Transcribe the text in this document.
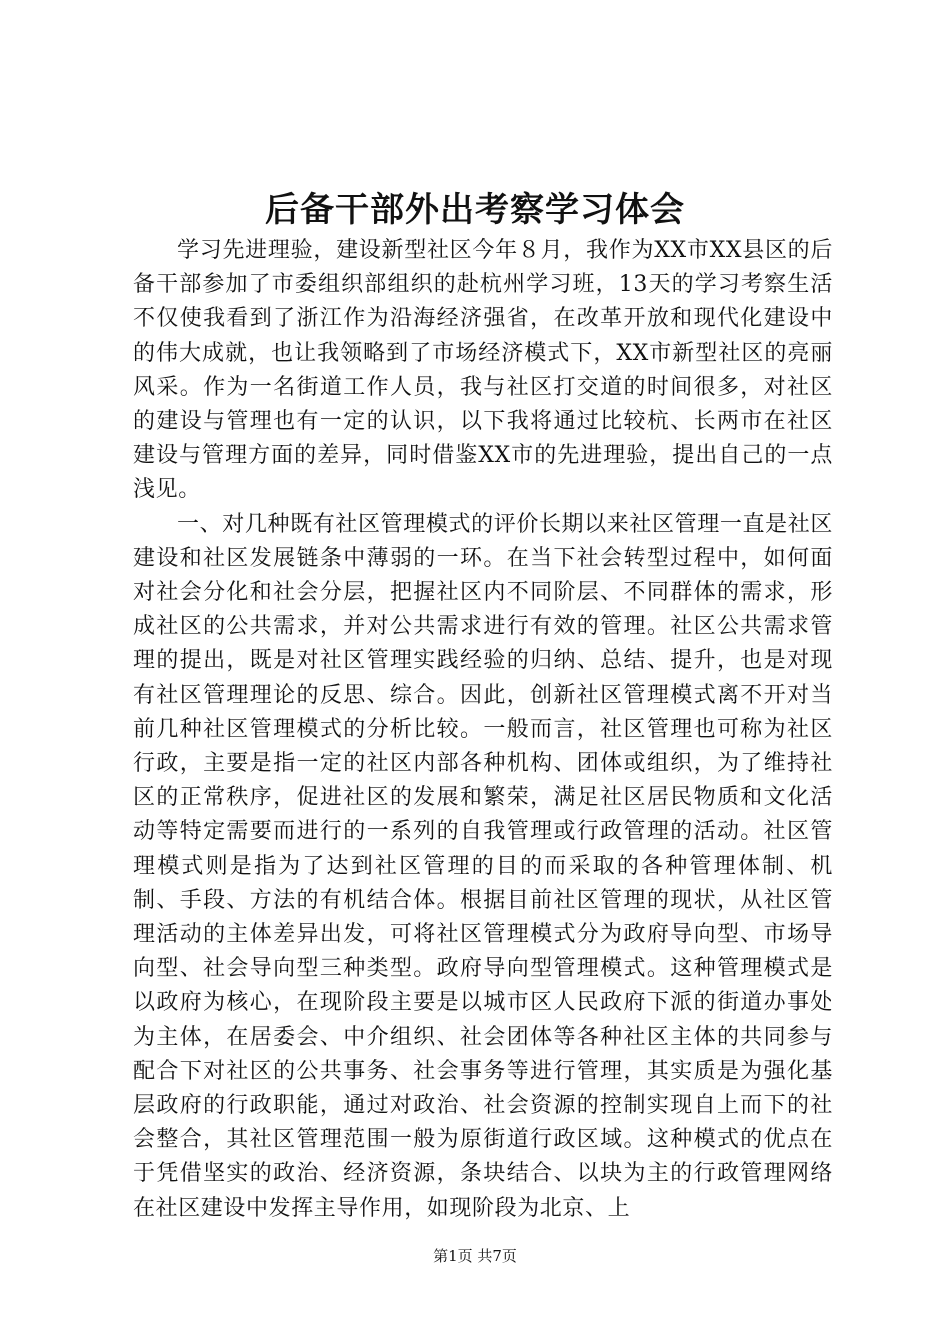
后备干部外出考察学习体会

学习先进理验，建设新型社区今年８月，我作为XX市XX县区的后备干部参加了市委组织部组织的赴杭州学习班，13天的学习考察生活不仅使我看到了浙江作为沿海经济强省，在改革开放和现代化建设中的伟大成就，也让我领略到了市场经济模式下，XX市新型社区的亮丽风采。作为一名街道工作人员，我与社区打交道的时间很多，对社区的建设与管理也有一定的认识，以下我将通过比较杭、长两市在社区建设与管理方面的差异，同时借鉴XX市的先进理验，提出自己的一点浅见。

一、对几种既有社区管理模式的评价长期以来社区管理一直是社区建设和社区发展链条中薄弱的一环。在当下社会转型过程中，如何面对社会分化和社会分层，把握社区内不同阶层、不同群体的需求，形成社区的公共需求，并对公共需求进行有效的管理。社区公共需求管理的提出，既是对社区管理实践经验的归纳、总结、提升，也是对现有社区管理理论的反思、综合。因此，创新社区管理模式离不开对当前几种社区管理模式的分析比较。一般而言，社区管理也可称为社区行政，主要是指一定的社区内部各种机构、团体或组织，为了维持社区的正常秩序，促进社区的发展和繁荣，满足社区居民物质和文化活动等特定需要而进行的一系列的自我管理或行政管理的活动。社区管理模式则是指为了达到社区管理的目的而采取的各种管理体制、机制、手段、方法的有机结合体。根据目前社区管理的现状，从社区管理活动的主体差异出发，可将社区管理模式分为政府导向型、市场导向型、社会导向型三种类型。政府导向型管理模式。这种管理模式是以政府为核心，在现阶段主要是以城市区人民政府下派的街道办事处为主体，在居委会、中介组织、社会团体等各种社区主体的共同参与配合下对社区的公共事务、社会事务等进行管理，其实质是为强化基层政府的行政职能，通过对政治、社会资源的控制实现自上而下的社会整合，其社区管理范围一般为原街道行政区域。这种模式的优点在于凭借坚实的政治、经济资源，条块结合、以块为主的行政管理网络在社区建设中发挥主导作用，如现阶段为北京、上

第1页 共7页
